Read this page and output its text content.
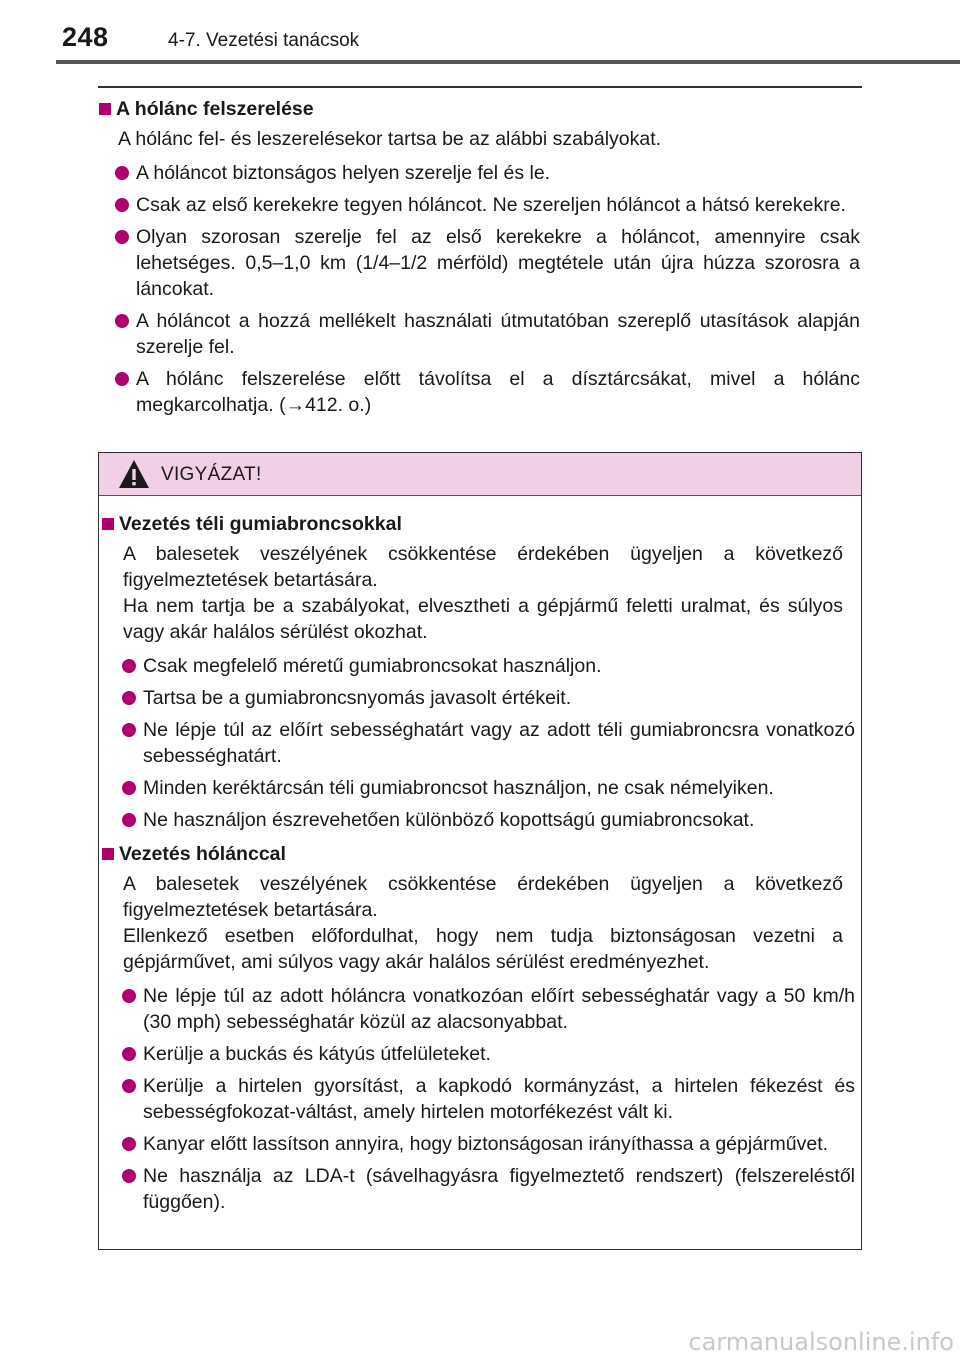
248	4-7. Vezetési tanácsok
A hólánc felszerelése
A hólánc fel- és leszerelésekor tartsa be az alábbi szabályokat.
A hóláncot biztonságos helyen szerelje fel és le.
Csak az első kerekekre tegyen hóláncot. Ne szereljen hóláncot a hátsó kerekekre.
Olyan szorosan szerelje fel az első kerekekre a hóláncot, amennyire csak lehetséges. 0,5–1,0 km (1/4–1/2 mérföld) megtétele után újra húzza szorosra a láncokat.
A hóláncot a hozzá mellékelt használati útmutatóban szereplő utasítások alapján szerelje fel.
A hólánc felszerelése előtt távolítsa el a dísztárcsákat, mivel a hólánc megkarcolhatja. (→412. o.)
VIGYÁZAT!
Vezetés téli gumiabroncsokkal
A balesetek veszélyének csökkentése érdekében ügyeljen a következő figyelmeztetések betartására.
Ha nem tartja be a szabályokat, elvesztheti a gépjármű feletti uralmat, és súlyos vagy akár halálos sérülést okozhat.
Csak megfelelő méretű gumiabroncsokat használjon.
Tartsa be a gumiabroncsnyomás javasolt értékeit.
Ne lépje túl az előírt sebességhatárt vagy az adott téli gumiabroncsra vonatkozó sebességhatárt.
Minden keréktárcsán téli gumiabroncsot használjon, ne csak némelyiken.
Ne használjon észrevehetően különböző kopottságú gumiabroncsokat.
Vezetés hólánccal
A balesetek veszélyének csökkentése érdekében ügyeljen a következő figyelmeztetések betartására.
Ellenkező esetben előfordulhat, hogy nem tudja biztonságosan vezetni a gépjárművet, ami súlyos vagy akár halálos sérülést eredményezhet.
Ne lépje túl az adott hóláncra vonatkozóan előírt sebességhatár vagy a 50 km/h (30 mph) sebességhatár közül az alacsonyabbat.
Kerülje a buckás és kátyús útfelületeket.
Kerülje a hirtelen gyorsítást, a kapkodó kormányzást, a hirtelen fékezést és sebességfokozat-váltást, amely hirtelen motorfékezést vált ki.
Kanyar előtt lassítson annyira, hogy biztonságosan irányíthassa a gépjárművet.
Ne használja az LDA-t (sávelhagyásra figyelmeztető rendszert) (felszereléstől függően).
carmanualsonline.info
